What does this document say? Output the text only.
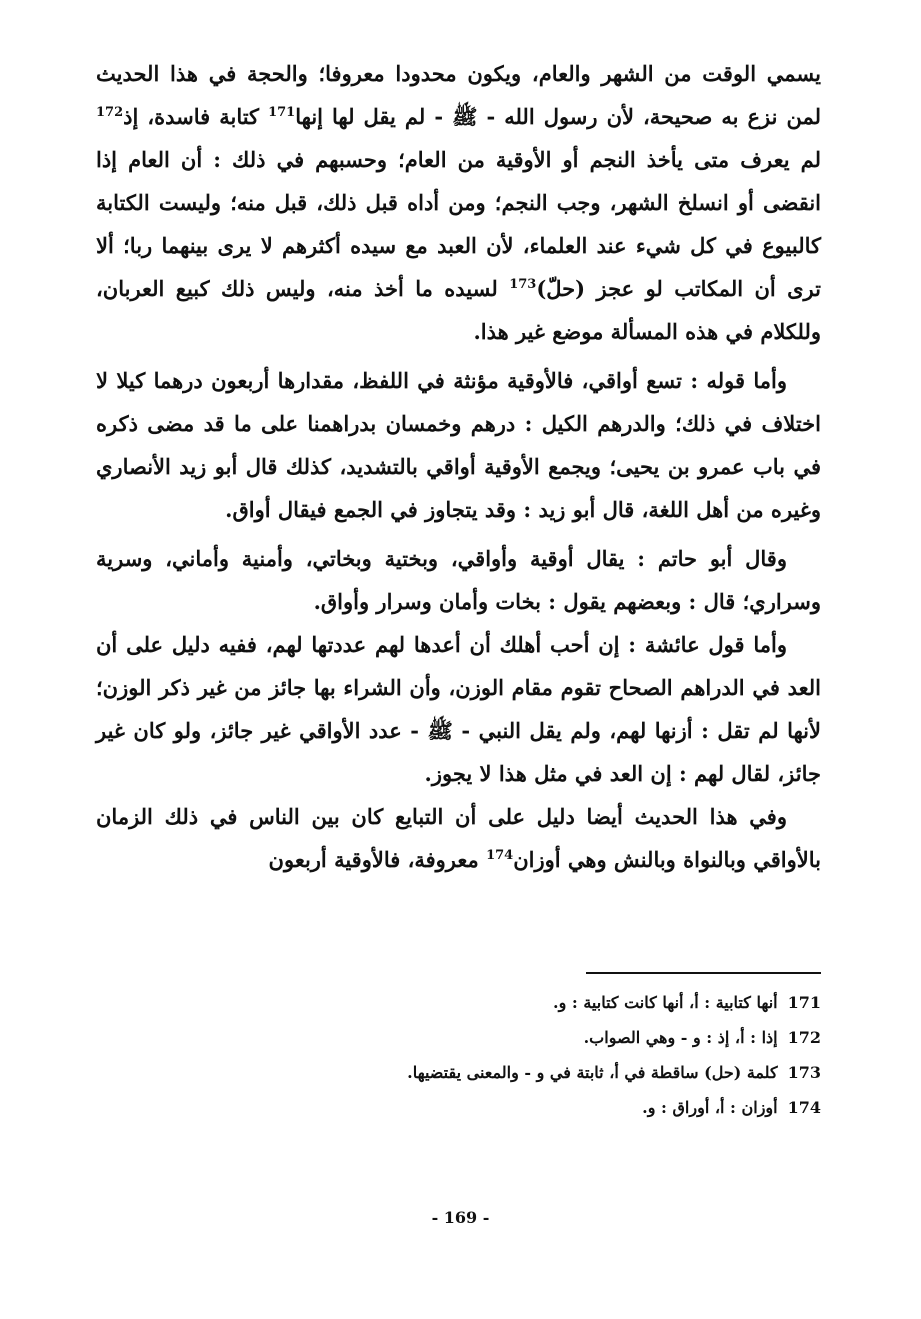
يسمي الوقت من الشهر والعام، ويكون محدودا معروفا؛ والحجة في هذا الحديث لمن نزع به صحيحة، لأن رسول الله - ﷺ - لم يقل لها إنها$^{171}$ كتابة فاسدة، إذ$^{172}$ لم يعرف متى يأخذ النجم أو الأوقية من العام؛ وحسبهم في ذلك : أن العام إذا انقضى أو انسلخ الشهر، وجب النجم؛ ومن أداه قبل ذلك، قبل منه؛ وليست الكتابة كالبيوع في كل شيء عند العلماء، لأن العبد مع سيده أكثرهم لا يرى بينهما ربا؛ ألا ترى أن المكاتب لو عجز (حلّ)$^{173}$ لسيده ما أخذ منه، وليس ذلك كبيع العربان، وللكلام في هذه المسألة موضع غير هذا.

وأما قوله : تسع أواقي، فالأوقية مؤنثة في اللفظ، مقدارها أربعون درهما كيلا لا اختلاف في ذلك؛ والدرهم الكيل : درهم وخمسان بدراهمنا على ما قد مضى ذكره في باب عمرو بن يحيى؛ ويجمع الأوقية أواقي بالتشديد، كذلك قال أبو زيد الأنصاري وغيره من أهل اللغة، قال أبو زيد : وقد يتجاوز في الجمع فيقال أواق.

وقال أبو حاتم : يقال أوقية وأواقي، وبختية وبخاتي، وأمنية وأماني، وسرية وسراري؛ قال : وبعضهم يقول : بخات وأمان وسرار وأواق.

وأما قول عائشة : إن أحب أهلك أن أعدها لهم عددتها لهم، ففيه دليل على أن العد في الدراهم الصحاح تقوم مقام الوزن، وأن الشراء بها جائز من غير ذكر الوزن؛ لأنها لم تقل : أزنها لهم، ولم يقل النبي - ﷺ - عدد الأواقي غير جائز، ولو كان غير جائز، لقال لهم : إن العد في مثل هذا لا يجوز.

وفي هذا الحديث أيضا دليل على أن التبايع كان بين الناس في ذلك الزمان بالأواقي وبالنواة وبالنش وهي أوزان$^{174}$ معروفة، فالأوقية أربعون

171أنها كتابية : أ، أنها كانت كتابية : و.

172إذا : أ، إذ : و - وهي الصواب.

173كلمة (حل) ساقطة في أ، ثابتة في و - والمعنى يقتضيها.

174أوزان : أ، أوراق : و.

- 169 -
